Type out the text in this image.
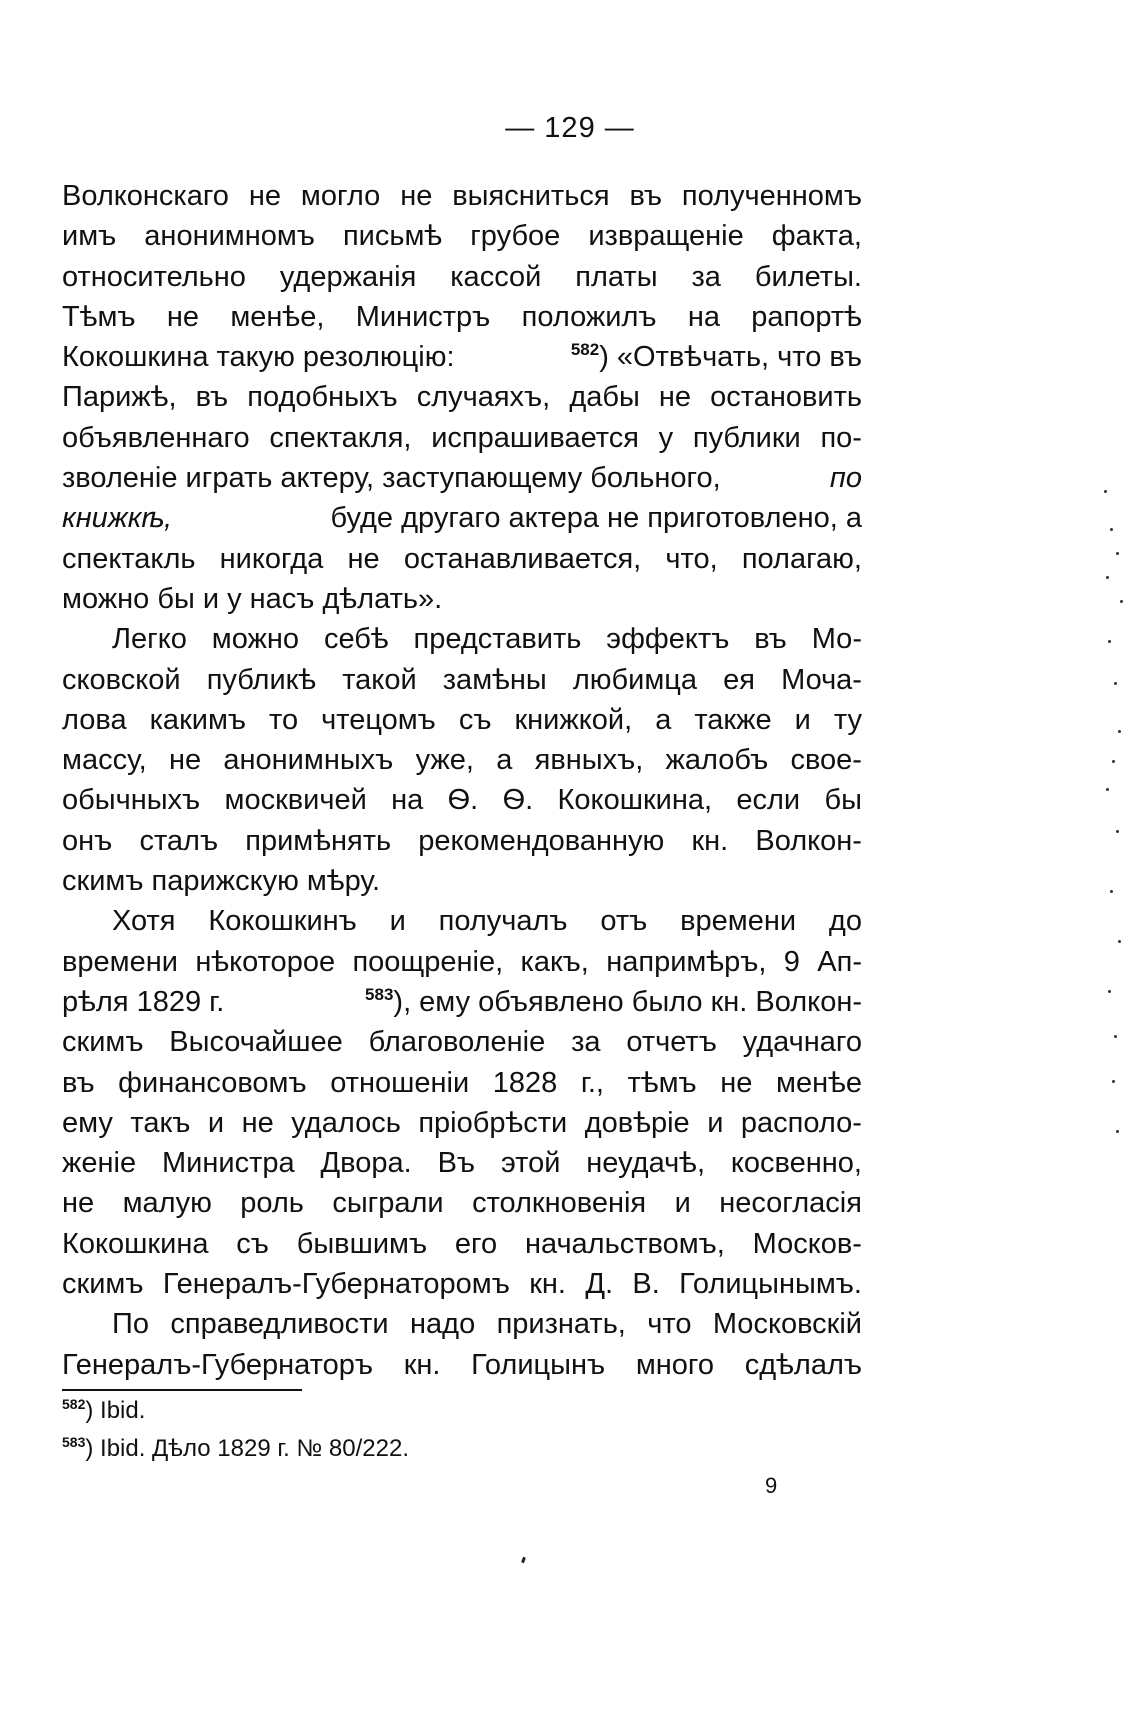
— 129 —
Волконскаго не могло не выясниться въ полученномъ
имъ анонимномъ письмѣ грубое извращеніе факта,
относительно удержанія кассой платы за билеты.
Тѣмъ не менѣе, Министръ положилъ на рапортѣ
Кокошкина такую резолюцію:	$^{582}$) «Отвѣчать, что въ
Парижѣ, въ подобныхъ случаяхъ, дабы не остановить
объявленнаго спектакля, испрашивается у публики по-
зволеніе играть актеру, заступающему больного,	по
книжкѣ,	буде другаго актера не приготовлено, а
спектакль никогда не останавливается, что, полагаю,
можно бы и у насъ дѣлать».
Легко можно себѣ представить эффектъ въ Мо-
сковской публикѣ такой замѣны любимца ея Моча-
лова какимъ то чтецомъ съ книжкой, а также и ту
массу, не анонимныхъ уже, а явныхъ, жалобъ свое-
обычныхъ москвичей на Ѳ. Ѳ. Кокошкина, если бы
онъ сталъ примѣнять рекомендованную кн. Волкон-
скимъ парижскую мѣру.
Хотя Кокошкинъ и получалъ отъ времени до
времени нѣкоторое поощреніе, какъ, напримѣръ, 9 Ап-
рѣля 1829 г.	$^{583}$), ему объявлено было кн. Волкон-
скимъ Высочайшее благоволеніе за отчетъ удачнаго
въ финансовомъ отношеніи 1828 г., тѣмъ не менѣе
ему такъ и не удалось пріобрѣсти довѣріе и располо-
женіе Министра Двора. Въ этой неудачѣ, косвенно,
не малую роль сыграли столкновенія и несогласія
Кокошкина съ бывшимъ его начальствомъ, Москов-
скимъ Генералъ-Губернаторомъ кн. Д. В. Голицынымъ.
По справедливости надо признать, что Московскій
Генералъ-Губернаторъ кн. Голицынъ много сдѣлалъ
$^{582}$) Ibid.
$^{583}$) Ibid. Дѣло 1829 г. № 80/222.
9
